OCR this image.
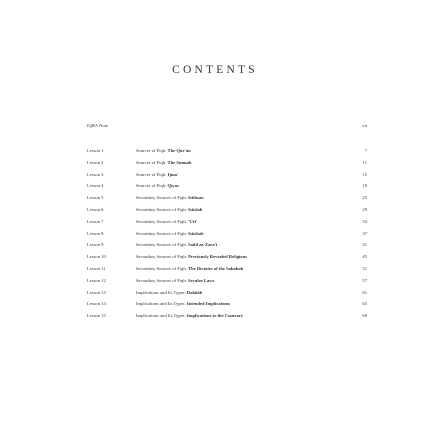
CONTENTS
IQRA Note	vii
Lesson 1	Sources of Fiqh: The Qur'an	7
Lesson 2	Sources of Fiqh: The Sunnah	11
Lesson 3	Sources of Fiqh: Ijma'	15
Lesson 4	Sources of Fiqh: Qiyas	19
Lesson 5	Secondary Sources of Fiqh: Istihsan	25
Lesson 6	Secondary Sources of Fiqh: Istislah	29
Lesson 7	Secondary Sources of Fiqh: 'Urf	33
Lesson 8	Secondary Sources of Fiqh: Istishab	37
Lesson 9	Secondary Sources of Fiqh: Sadd az-Zara'i	41
Lesson 10	Secondary Sources of Fiqh: Previously Revealed Religions	45
Lesson 11	Secondary Sources of Fiqh: The Dictates of the Sahabah	51
Lesson 12	Secondary Sources of Fiqh: Secular Laws	57
Lesson 13	Implications and Its Types: Dalalah	61
Lesson 14	Implications and Its Types: Intended Implications	65
Lesson 15	Implications and Its Types: Implications to the Contrary	69
